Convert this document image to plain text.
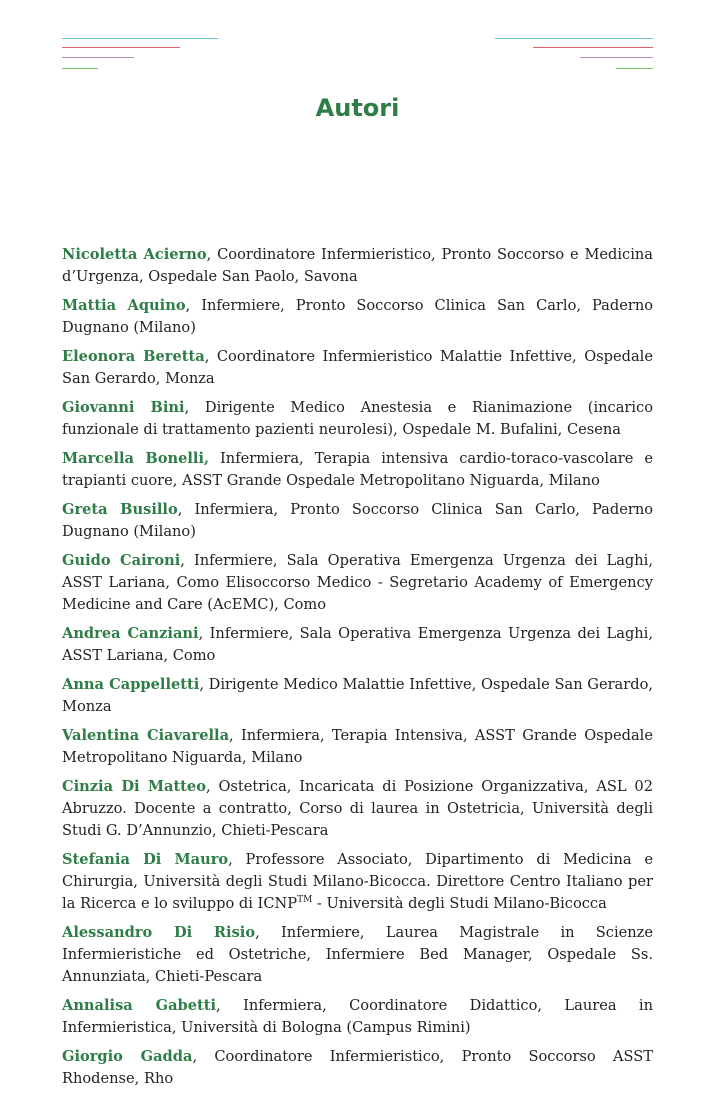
Autori

Nicoletta Acierno, Coordinatore Infermieristico, Pronto Soccorso e Medicina d’Urgenza, Ospedale San Paolo, Savona

Mattia Aquino, Infermiere, Pronto Soccorso Clinica San Carlo, Paderno Dugnano (Milano)

Eleonora Beretta, Coordinatore Infermieristico Malattie Infettive, Ospedale San Gerardo, Monza

Giovanni Bini, Dirigente Medico Anestesia e Rianimazione (incarico funzionale di trattamento pazienti neurolesi), Ospedale M. Bufalini, Cesena

Marcella Bonelli, Infermiera, Terapia intensiva cardio-toraco-vascolare e trapianti cuore, ASST Grande Ospedale Metropolitano Niguarda, Milano

Greta Busillo, Infermiera, Pronto Soccorso Clinica San Carlo, Paderno Dugnano (Milano)

Guido Caironi, Infermiere, Sala Operativa Emergenza Urgenza dei Laghi, ASST Lariana, Como Elisoccorso Medico - Segretario Academy of Emergency Medicine and Care (AcEMC), Como

Andrea Canziani, Infermiere, Sala Operativa Emergenza Urgenza dei Laghi, ASST Lariana, Como

Anna Cappelletti, Dirigente Medico Malattie Infettive, Ospedale San Gerardo, Monza

Valentina Ciavarella, Infermiera, Terapia Intensiva, ASST Grande Ospedale Metropolitano Niguarda, Milano

Cinzia Di Matteo, Ostetrica, Incaricata di Posizione Organizzativa, ASL 02 Abruzzo. Docente a contratto, Corso di laurea in Ostetricia, Università degli Studi G. D’Annunzio, Chieti-Pescara

Stefania Di Mauro, Professore Associato, Dipartimento di Medicina e Chirurgia, Università degli Studi Milano-Bicocca. Direttore Centro Italiano per la Ricerca e lo sviluppo di ICNP™ - Università degli Studi Milano-Bicocca

Alessandro Di Risio, Infermiere, Laurea Magistrale in Scienze Infermieristiche ed Ostetriche, Infermiere Bed Manager, Ospedale Ss. Annunziata, Chieti-Pescara

Annalisa Gabetti, Infermiera, Coordinatore Didattico, Laurea in Infermieristica, Università di Bologna (Campus Rimini)

Giorgio Gadda, Coordinatore Infermieristico, Pronto Soccorso ASST Rhodense, Rho
